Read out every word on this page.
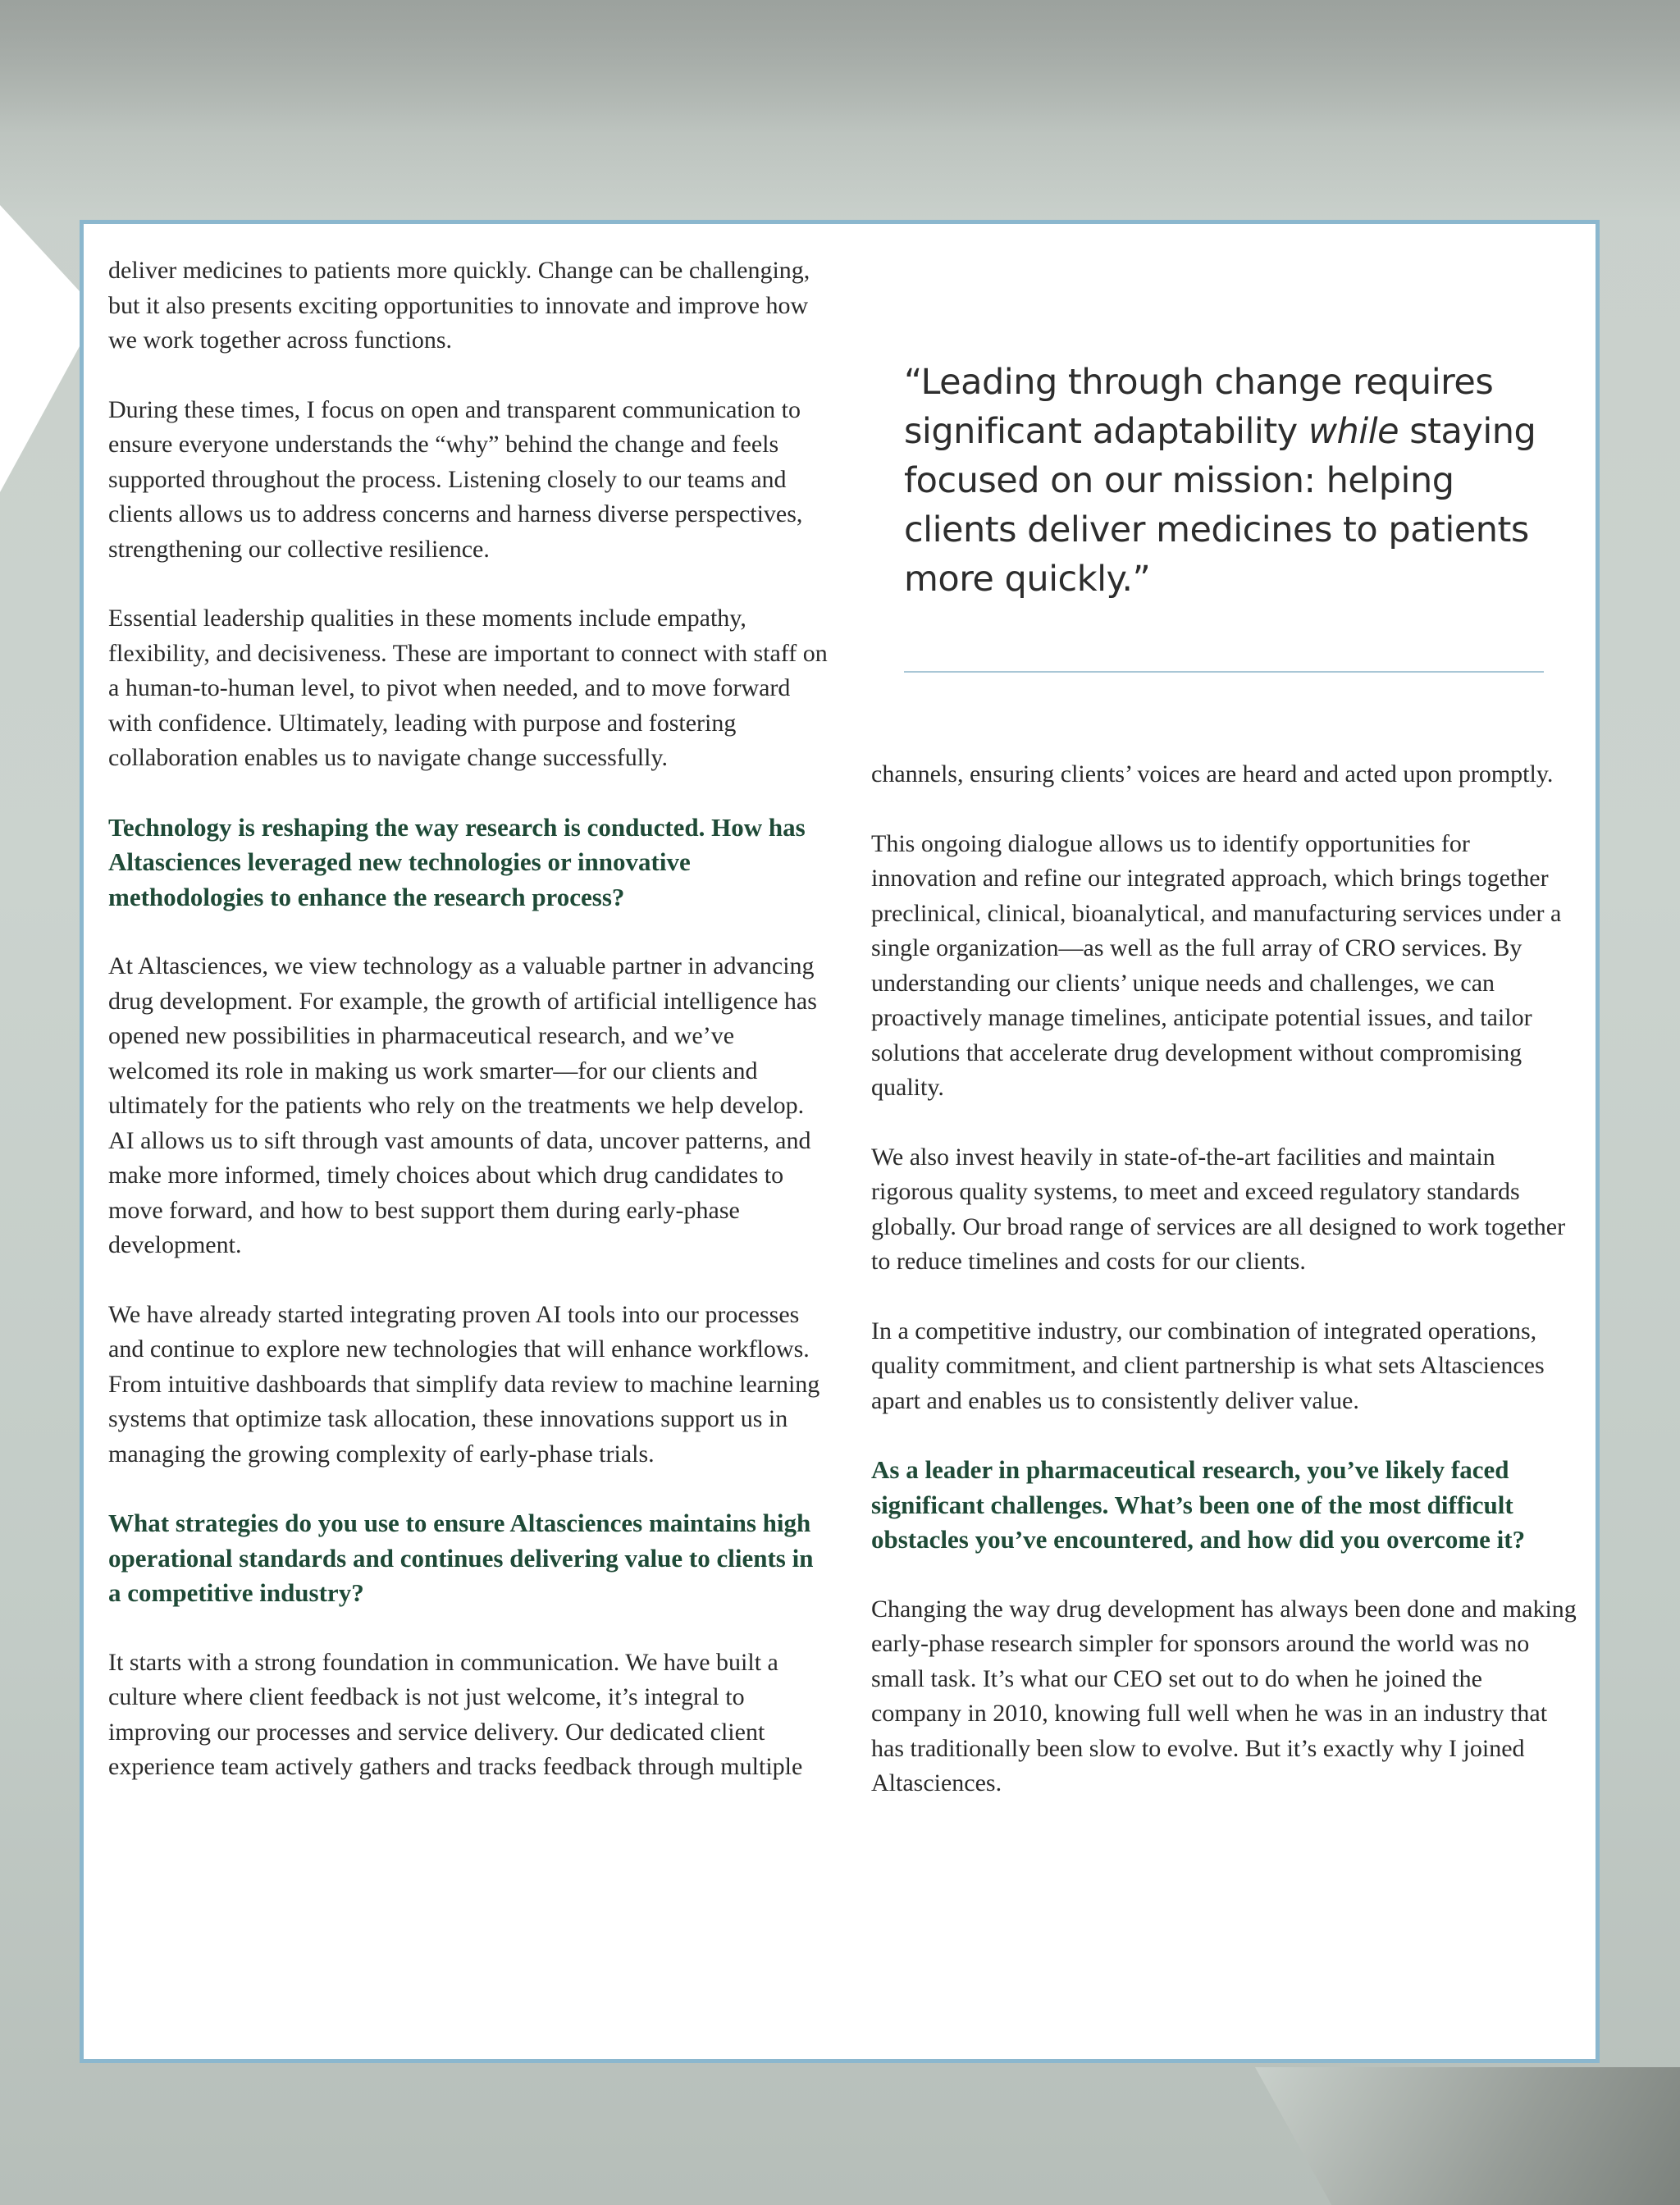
deliver medicines to patients more quickly. Change can be challenging, but it also presents exciting opportunities to innovate and improve how we work together across functions.

During these times, I focus on open and transparent communication to ensure everyone understands the “why” behind the change and feels supported throughout the process. Listening closely to our teams and clients allows us to address concerns and harness diverse perspectives, strengthening our collective resilience.

Essential leadership qualities in these moments include empathy, flexibility, and decisiveness. These are important to connect with staff on a human-to-human level, to pivot when needed, and to move forward with confidence. Ultimately, leading with purpose and fostering collaboration enables us to navigate change successfully.

Technology is reshaping the way research is conducted. How has Altasciences leveraged new technologies or innovative methodologies to enhance the research process?

At Altasciences, we view technology as a valuable partner in advancing drug development. For example, the growth of artificial intelligence has opened new possibilities in pharmaceutical research, and we’ve welcomed its role in making us work smarter—for our clients and ultimately for the patients who rely on the treatments we help develop. AI allows us to sift through vast amounts of data, uncover patterns, and make more informed, timely choices about which drug candidates to move forward, and how to best support them during early-phase development.

We have already started integrating proven AI tools into our processes and continue to explore new technologies that will enhance workflows. From intuitive dashboards that simplify data review to machine learning systems that optimize task allocation, these innovations support us in managing the growing complexity of early-phase trials.

What strategies do you use to ensure Altasciences maintains high operational standards and continues delivering value to clients in a competitive industry?

It starts with a strong foundation in communication. We have built a culture where client feedback is not just welcome, it’s integral to improving our processes and service delivery. Our dedicated client experience team actively gathers and tracks feedback through multiple

“Leading through change requires significant adaptability while staying focused on our mission: helping clients deliver medicines to patients more quickly.”

channels, ensuring clients’ voices are heard and acted upon promptly.

This ongoing dialogue allows us to identify opportunities for innovation and refine our integrated approach, which brings together preclinical, clinical, bioanalytical, and manufacturing services under a single organization—as well as the full array of CRO services. By understanding our clients’ unique needs and challenges, we can proactively manage timelines, anticipate potential issues, and tailor solutions that accelerate drug development without compromising quality.

We also invest heavily in state-of-the-art facilities and maintain rigorous quality systems, to meet and exceed regulatory standards globally. Our broad range of services are all designed to work together to reduce timelines and costs for our clients.

In a competitive industry, our combination of integrated operations, quality commitment, and client partnership is what sets Altasciences apart and enables us to consistently deliver value.

As a leader in pharmaceutical research, you’ve likely faced significant challenges. What’s been one of the most difficult obstacles you’ve encountered, and how did you overcome it?

Changing the way drug development has always been done and making early-phase research simpler for sponsors around the world was no small task. It’s what our CEO set out to do when he joined the company in 2010, knowing full well when he was in an industry that has traditionally been slow to evolve. But it’s exactly why I joined Altasciences.
